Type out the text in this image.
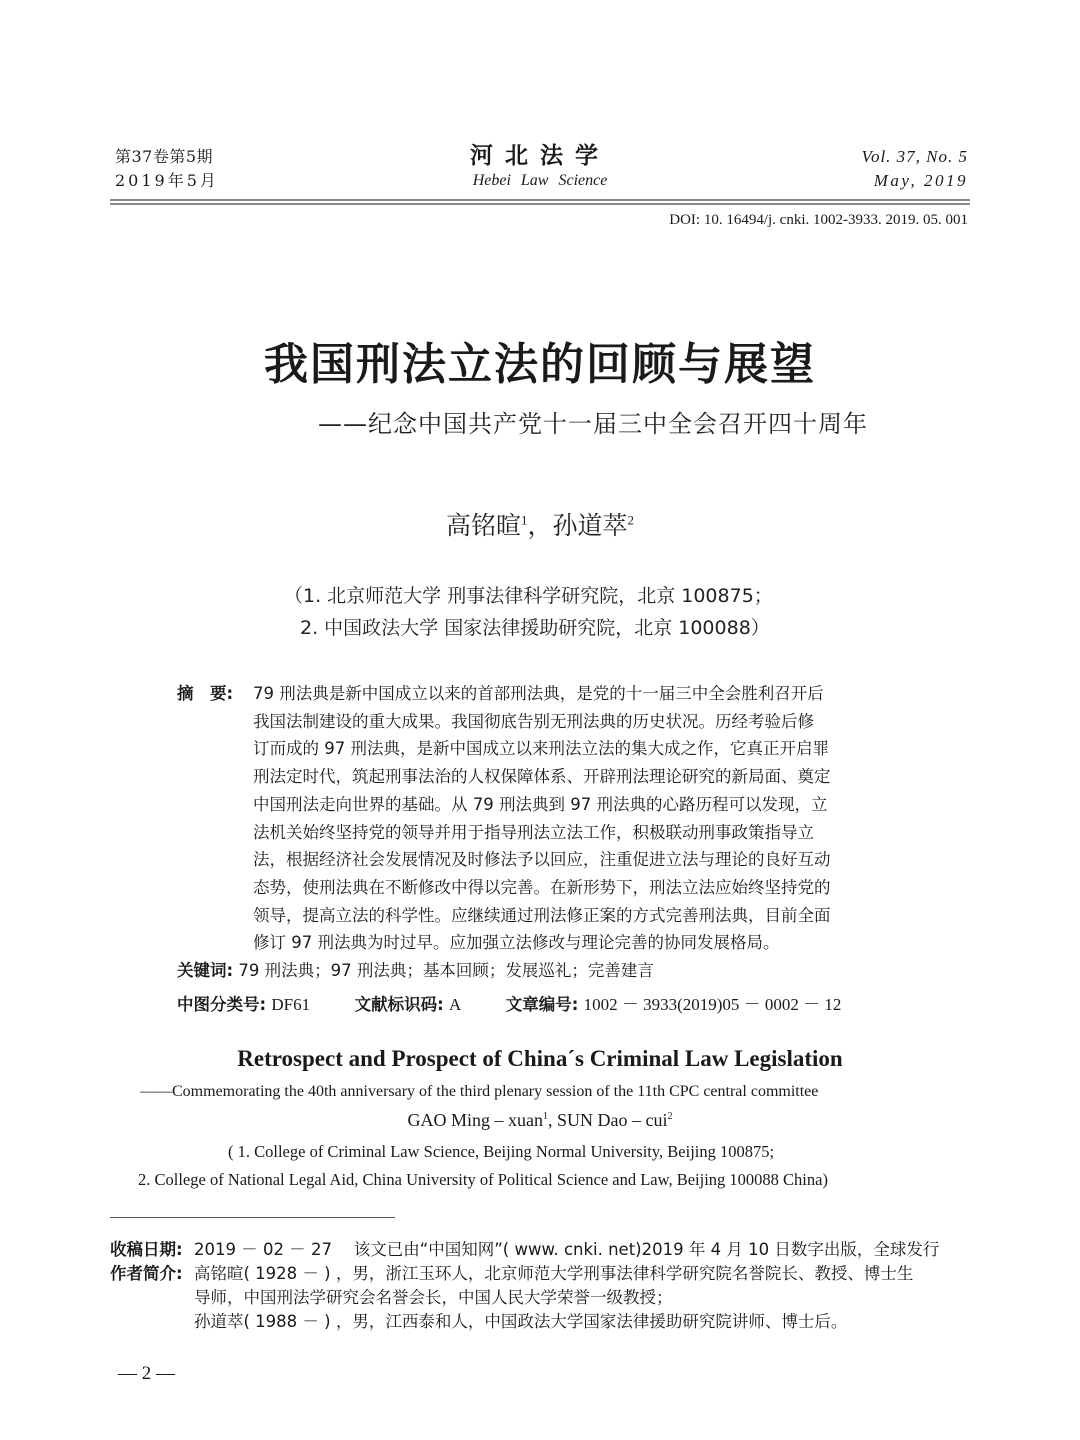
第37卷第5期
2019年5月
河北法学
Hebei Law Science
Vol. 37, No. 5
May, 2019
DOI: 10. 16494/j. cnki. 1002-3933. 2019. 05. 001
我国刑法立法的回顾与展望
——纪念中国共产党十一届三中全会召开四十周年
高铭暄$^1$，孙道萃$^2$
（1. 北京师范大学 刑事法律科学研究院，北京 100875；
2. 中国政法大学 国家法律援助研究院，北京 100088）
摘　要:	79 刑法典是新中国成立以来的首部刑法典，是党的十一届三中全会胜利召开后
我国法制建设的重大成果。我国彻底告别无刑法典的历史状况。历经考验后修
订而成的 97 刑法典，是新中国成立以来刑法立法的集大成之作，它真正开启罪
刑法定时代，筑起刑事法治的人权保障体系、开辟刑法理论研究的新局面、奠定
中国刑法走向世界的基础。从 79 刑法典到 97 刑法典的心路历程可以发现，立
法机关始终坚持党的领导并用于指导刑法立法工作，积极联动刑事政策指导立
法，根据经济社会发展情况及时修法予以回应，注重促进立法与理论的良好互动
态势，使刑法典在不断修改中得以完善。在新形势下，刑法立法应始终坚持党的
领导，提高立法的科学性。应继续通过刑法修正案的方式完善刑法典，目前全面
修订 97 刑法典为时过早。应加强立法修改与理论完善的协同发展格局。
关键词: 79 刑法典；97 刑法典；基本回顾；发展巡礼；完善建言
中图分类号: DF61	文献标识码: A	文章编号: 1002 － 3933(2019)05 － 0002 － 12
Retrospect and Prospect of China´s Criminal Law Legislation
——Commemorating the 40th anniversary of the third plenary session of the 11th CPC central committee
GAO Ming – xuan$^1$, SUN Dao – cui$^2$
( 1. College of Criminal Law Science, Beijing Normal University, Beijing 100875;
2. College of National Legal Aid, China University of Political Science and Law, Beijing 100088 China)
收稿日期: 2019 － 02 － 27　 该文已由“中国知网”( www. cnki. net)2019 年 4 月 10 日数字出版，全球发行
作者简介: 高铭暄( 1928 － ) ，男，浙江玉环人，北京师范大学刑事法律科学研究院名誉院长、教授、博士生
导师，中国刑法学研究会名誉会长，中国人民大学荣誉一级教授；
孙道萃( 1988 － ) ，男，江西泰和人，中国政法大学国家法律援助研究院讲师、博士后。
— 2 —
